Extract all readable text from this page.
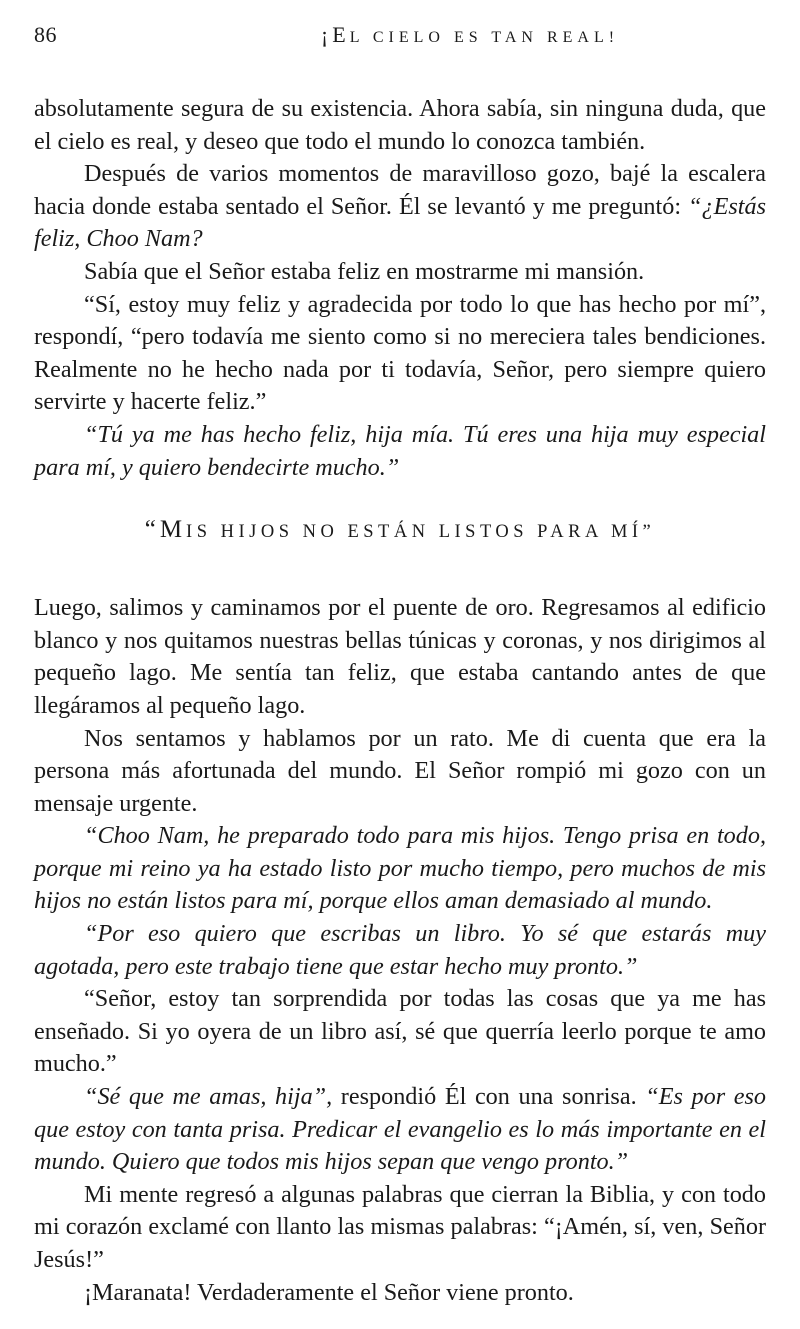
86	¡EL CIELO ES TAN REAL!

absolutamente segura de su existencia. Ahora sabía, sin ninguna duda, que el cielo es real, y deseo que todo el mundo lo conozca también.

Después de varios momentos de maravilloso gozo, bajé la escalera hacia donde estaba sentado el Señor. Él se levantó y me preguntó: “¿Estás feliz, Choo Nam?

Sabía que el Señor estaba feliz en mostrarme mi mansión.

“Sí, estoy muy feliz y agradecida por todo lo que has hecho por mí”, respondí, “pero todavía me siento como si no mereciera tales bendiciones. Realmente no he hecho nada por ti todavía, Señor, pero siempre quiero servirte y hacerte feliz.”

“Tú ya me has hecho feliz, hija mía. Tú eres una hija muy especial para mí, y quiero bendecirte mucho.”

“MIS HIJOS NO ESTÁN LISTOS PARA MÍ”

Luego, salimos y caminamos por el puente de oro. Regresamos al edificio blanco y nos quitamos nuestras bellas túnicas y coronas, y nos dirigimos al pequeño lago. Me sentía tan feliz, que estaba cantando antes de que llegáramos al pequeño lago.

Nos sentamos y hablamos por un rato. Me di cuenta que era la persona más afortunada del mundo. El Señor rompió mi gozo con un mensaje urgente.

“Choo Nam, he preparado todo para mis hijos. Tengo prisa en todo, porque mi reino ya ha estado listo por mucho tiempo, pero muchos de mis hijos no están listos para mí, porque ellos aman demasiado al mundo.

“Por eso quiero que escribas un libro. Yo sé que estarás muy agotada, pero este trabajo tiene que estar hecho muy pronto.”

“Señor, estoy tan sorprendida por todas las cosas que ya me has enseñado. Si yo oyera de un libro así, sé que querría leerlo porque te amo mucho.”

“Sé que me amas, hija”, respondió Él con una sonrisa. “Es por eso que estoy con tanta prisa. Predicar el evangelio es lo más importante en el mundo. Quiero que todos mis hijos sepan que vengo pronto.”

Mi mente regresó a algunas palabras que cierran la Biblia, y con todo mi corazón exclamé con llanto las mismas palabras: “¡Amén, sí, ven, Señor Jesús!”

¡Maranata! Verdaderamente el Señor viene pronto.
